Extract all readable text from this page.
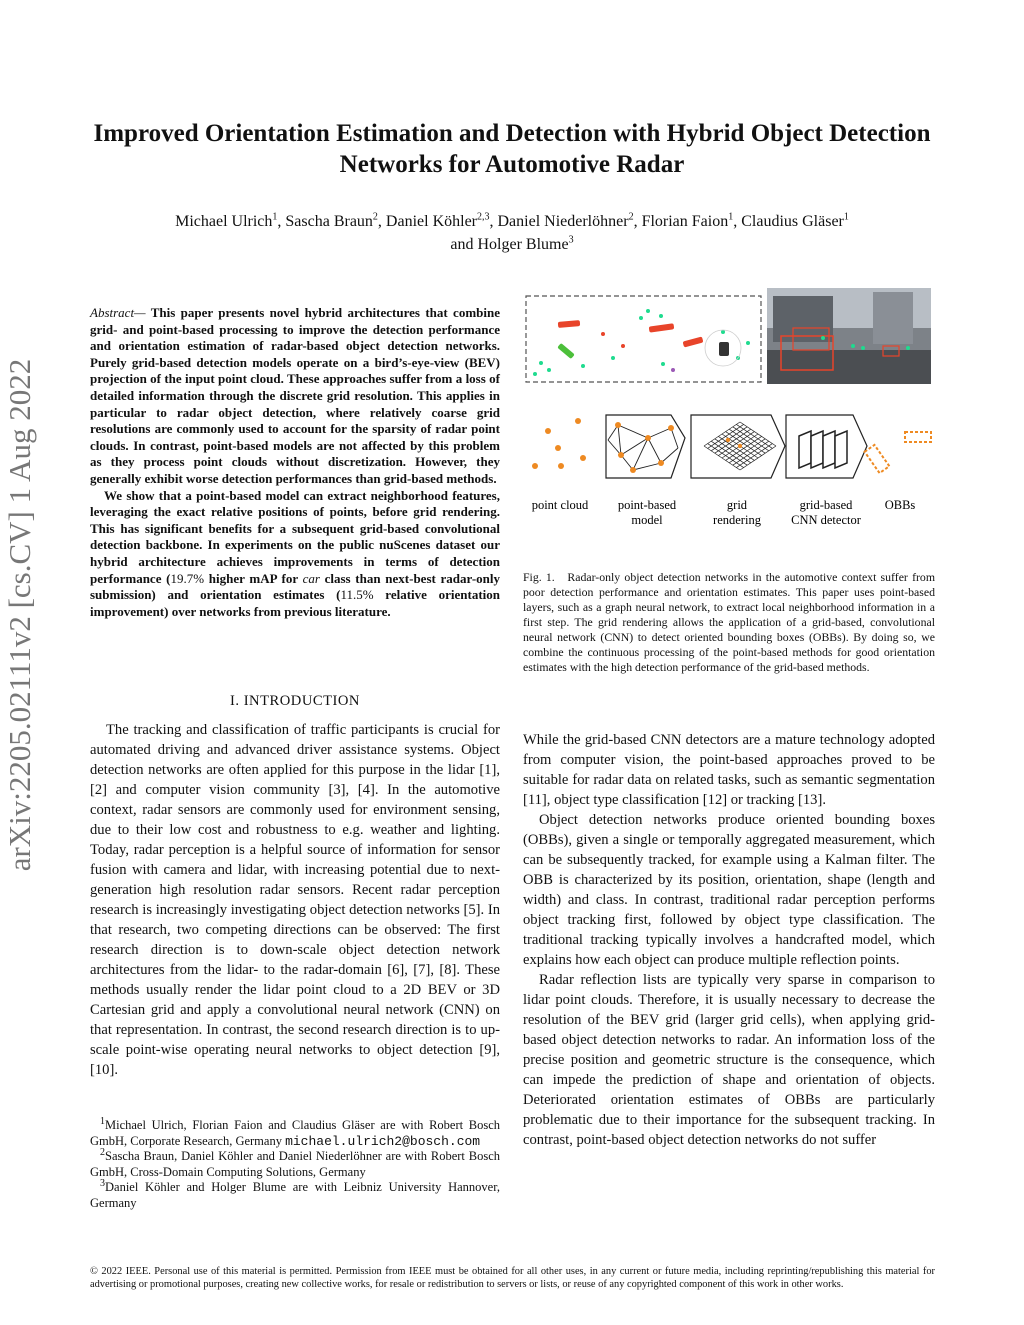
arXiv:2205.02111v2 [cs.CV] 1 Aug 2022
Improved Orientation Estimation and Detection with Hybrid Object Detection Networks for Automotive Radar
Michael Ulrich$^1$, Sascha Braun$^2$, Daniel Köhler$^{2,3}$, Daniel Niederlöhner$^2$, Florian Faion$^1$, Claudius Gläser$^1$
and Holger Blume$^3$

Abstract— This paper presents novel hybrid architectures that combine grid- and point-based processing to improve the detection performance and orientation estimation of radar-based object detection networks. Purely grid-based detection models operate on a bird’s-eye-view (BEV) projection of the input point cloud. These approaches suffer from a loss of detailed information through the discrete grid resolution. This applies in particular to radar object detection, where relatively coarse grid resolutions are commonly used to account for the sparsity of radar point clouds. In contrast, point-based models are not affected by this problem as they process point clouds without discretization. However, they generally exhibit worse detection performances than grid-based methods.

We show that a point-based model can extract neighborhood features, leveraging the exact relative positions of points, before grid rendering. This has significant benefits for a subsequent grid-based convolutional detection backbone. In experiments on the public nuScenes dataset our hybrid architecture achieves improvements in terms of detection performance (19.7% higher mAP for car class than next-best radar-only submission) and orientation estimates (11.5% relative orientation improvement) over networks from previous literature.

I. INTRODUCTION

The tracking and classification of traffic participants is crucial for automated driving and advanced driver assistance systems. Object detection networks are often applied for this purpose in the lidar [1], [2] and computer vision community [3], [4]. In the automotive context, radar sensors are commonly used for environment sensing, due to their low cost and robustness to e.g. weather and lighting. Today, radar perception is a helpful source of information for sensor fusion with camera and lidar, with increasing potential due to next-generation high resolution radar sensors. Recent radar perception research is increasingly investigating object detection networks [5]. In that research, two competing directions can be observed: The first research direction is to down-scale object detection network architectures from the lidar- to the radar-domain [6], [7], [8]. These methods usually render the lidar point cloud to a 2D BEV or 3D Cartesian grid and apply a convolutional neural network (CNN) on that representation. In contrast, the second research direction is to up-scale point-wise operating neural networks to object detection [9], [10].

$^1$Michael Ulrich, Florian Faion and Claudius Gläser are with Robert Bosch GmbH, Corporate Research, Germany michael.ulrich2@bosch.com

$^2$Sascha Braun, Daniel Köhler and Daniel Niederlöhner are with Robert Bosch GmbH, Cross-Domain Computing Solutions, Germany

$^3$Daniel Köhler and Holger Blume are with Leibniz University Hannover, Germany

point cloud point-based
model
grid
rendering
grid-based
CNN detector
OBBs
Fig. 1. Radar-only object detection networks in the automotive context suffer from poor detection performance and orientation estimates. This paper uses point-based layers, such as a graph neural network, to extract local neighborhood information in a first step. The grid rendering allows the application of a grid-based, convolutional neural network (CNN) to detect oriented bounding boxes (OBBs). By doing so, we combine the continuous processing of the point-based methods for good orientation estimates with the high detection performance of the grid-based methods.

While the grid-based CNN detectors are a mature technology adopted from computer vision, the point-based approaches proved to be suitable for radar data on related tasks, such as semantic segmentation [11], object type classification [12] or tracking [13].

Object detection networks produce oriented bounding boxes (OBBs), given a single or temporally aggregated measurement, which can be subsequently tracked, for example using a Kalman filter. The OBB is characterized by its position, orientation, shape (length and width) and class. In contrast, traditional radar perception performs object tracking first, followed by object type classification. The traditional tracking typically involves a handcrafted model, which explains how each object can produce multiple reflection points.

Radar reflection lists are typically very sparse in comparison to lidar point clouds. Therefore, it is usually necessary to decrease the resolution of the BEV grid (larger grid cells), when applying grid-based object detection networks to radar. An information loss of the precise position and geometric structure is the consequence, which can impede the prediction of shape and orientation of objects. Deteriorated orientation estimates of OBBs are particularly problematic due to their importance for the subsequent tracking. In contrast, point-based object detection networks do not suffer

© 2022 IEEE. Personal use of this material is permitted. Permission from IEEE must be obtained for all other uses, in any current or future media, including reprinting/republishing this material for advertising or promotional purposes, creating new collective works, for resale or redistribution to servers or lists, or reuse of any copyrighted component of this work in other works.
